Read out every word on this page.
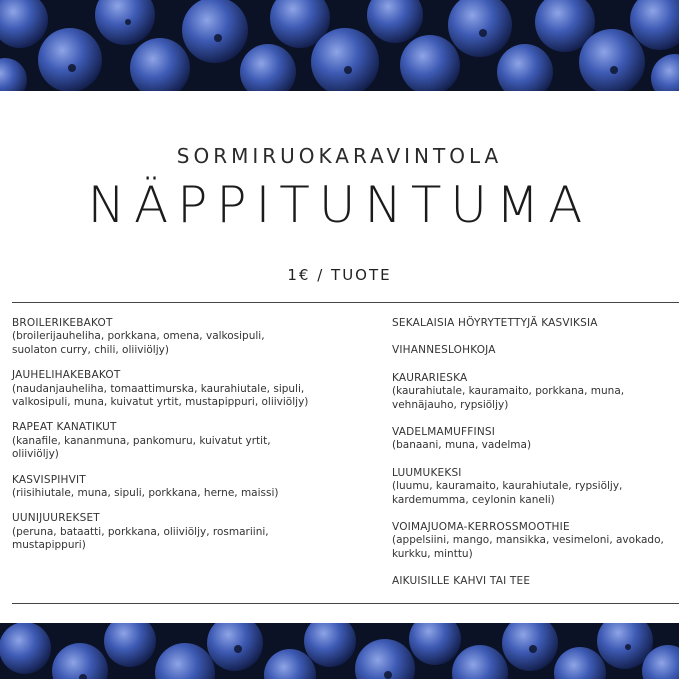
SORMIRUOKARAVINTOLA
NÄPPITUNTUMA
1€ / TUOTE
BROILERIKEBAKOT
(broilerijauheliha, porkkana, omena, valkosipuli, suolaton curry, chili, oliiviöljy)
JAUHELIHAKEBAKOT
(naudanjauheliha, tomaattimurska, kaurahiutale, sipuli, valkosipuli, muna, kuivatut yrtit, mustapippuri, oliiviöljy)
RAPEAT KANATIKUT
(kanafile, kananmuna, pankomuru, kuivatut yrtit, oliiviöljy)
KASVISPIHVIT
(riisihiutale, muna, sipuli, porkkana, herne, maissi)
UUNIJUUREKSET
(peruna, bataatti, porkkana, oliiviöljy, rosmariini, mustapippuri)
SEKALAISIA HÖYRYTETTYJÄ KASVIKSIA
VIHANNESLOHKOJA
KAURARIESKA
(kaurahiutale, kauramaito, porkkana, muna, vehnäjauho, rypsiöljy)
VADELMAMUFFINSI
(banaani, muna, vadelma)
LUUMUKEKSI
(luumu, kauramaito, kaurahiutale, rypsiöljy, kardemumma, ceylonin kaneli)
VOIMAJUOMA-KERROSSMOOTHIE
(appelsiini, mango, mansikka, vesimeloni, avokado, kurkku, minttu)
AIKUISILLE KAHVI TAI TEE
